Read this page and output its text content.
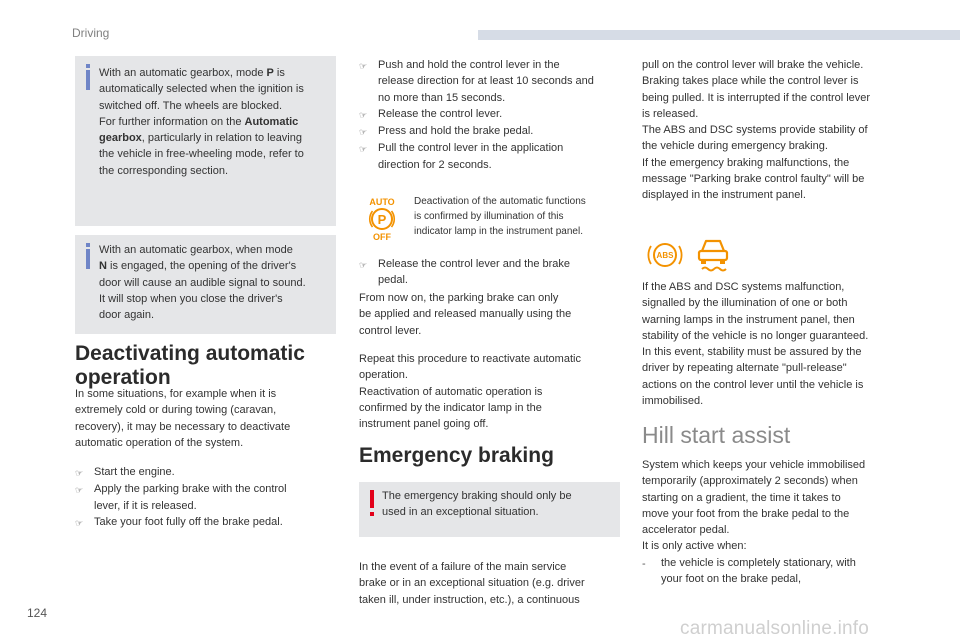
Driving
124
carmanualsonline.info
With an automatic gearbox, mode P is
automatically selected when the ignition is
switched off. The wheels are blocked.
For further information on the Automatic
gearbox, particularly in relation to leaving
the vehicle in free-wheeling mode, refer to
the corresponding section.
With an automatic gearbox, when mode
N is engaged, the opening of the driver's
door will cause an audible signal to sound.
It will stop when you close the driver's
door again.
Deactivating automatic
operation
In some situations, for example when it is
extremely cold or during towing (caravan,
recovery), it may be necessary to deactivate
automatic operation of the system.
☞ Start the engine.
☞ Apply the parking brake with the control
lever, if it is released.
☞ Take your foot fully off the brake pedal.
☞ Push and hold the control lever in the
release direction for at least 10 seconds and
no more than 15 seconds.
☞ Release the control lever.
☞ Press and hold the brake pedal.
☞ Pull the control lever in the application
direction for 2 seconds.
AUTO
P
OFF
Deactivation of the automatic functions
is confirmed by illumination of this
indicator lamp in the instrument panel.
☞ Release the control lever and the brake
pedal.
From now on, the parking brake can only
be applied and released manually using the
control lever.
Repeat this procedure to reactivate automatic
operation.
Reactivation of automatic operation is
confirmed by the indicator lamp in the
instrument panel going off.
Emergency braking
The emergency braking should only be
used in an exceptional situation.
In the event of a failure of the main service
brake or in an exceptional situation (e.g. driver
taken ill, under instruction, etc.), a continuous
pull on the control lever will brake the vehicle.
Braking takes place while the control lever is
being pulled. It is interrupted if the control lever
is released.
The ABS and DSC systems provide stability of
the vehicle during emergency braking.
If the emergency braking malfunctions, the
message "Parking brake control faulty" will be
displayed in the instrument panel.
ABS
If the ABS and DSC systems malfunction,
signalled by the illumination of one or both
warning lamps in the instrument panel, then
stability of the vehicle is no longer guaranteed.
In this event, stability must be assured by the
driver by repeating alternate "pull-release"
actions on the control lever until the vehicle is
immobilised.
Hill start assist
System which keeps your vehicle immobilised
temporarily (approximately 2 seconds) when
starting on a gradient, the time it takes to
move your foot from the brake pedal to the
accelerator pedal.
It is only active when:
-	the vehicle is completely stationary, with
your foot on the brake pedal,
